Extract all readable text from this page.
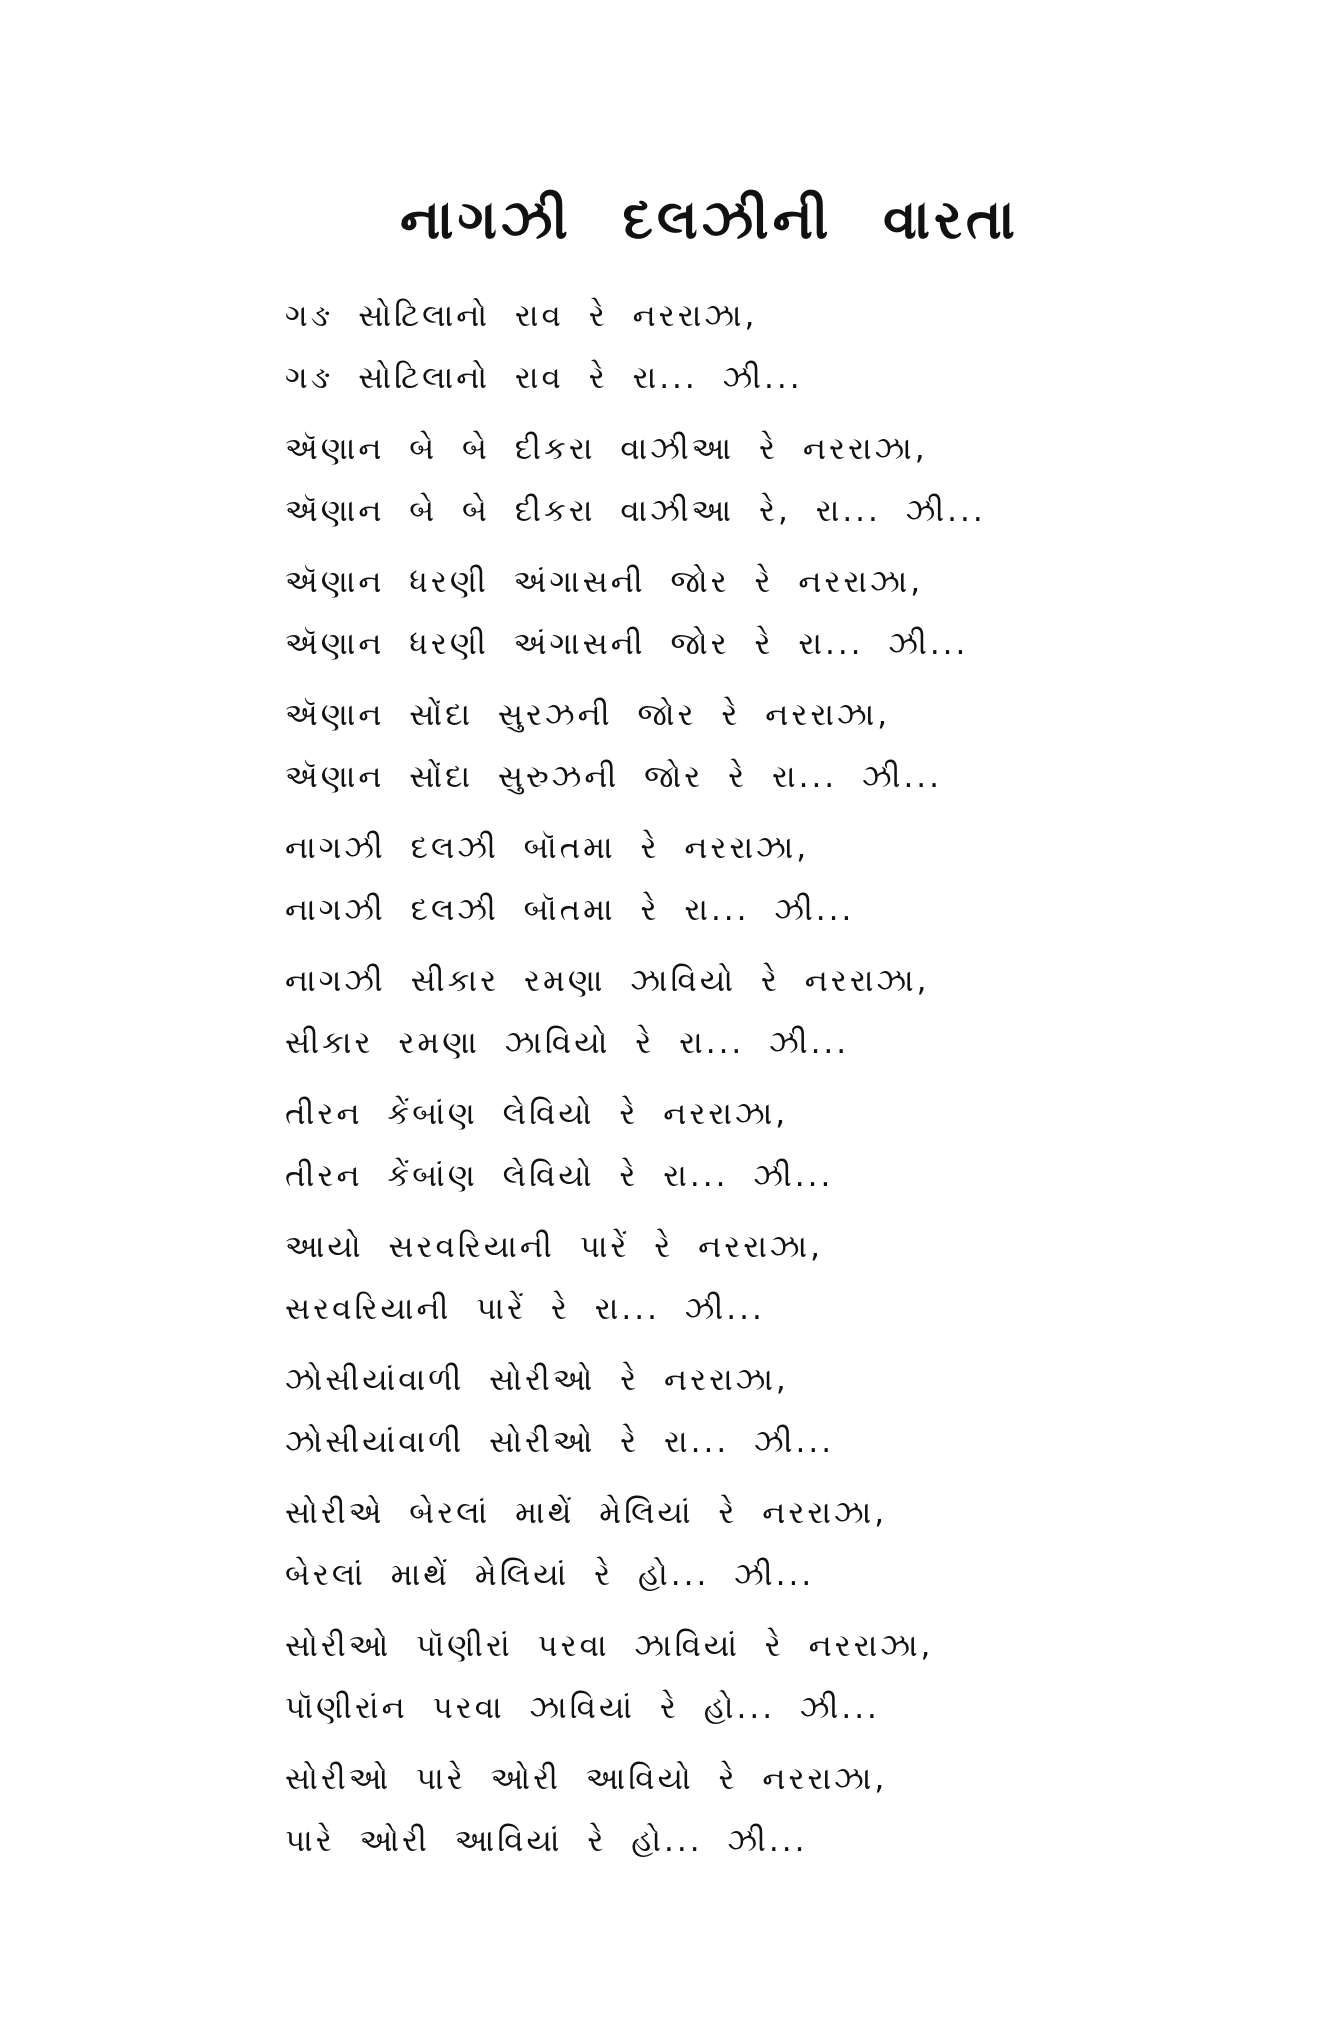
નાગઝી દલઝીની વારતા
ગઙ સોટિલાનો રાવ રે નરરાઝા,
ગઙ સોટિલાનો રાવ રે રા... ઝી...
ઍણાન બે બે દીકરા વાઝીઆ રે નરરાઝા,
ઍણાન બે બે દીકરા વાઝીઆ રે, રા... ઝી...
ઍણાન ધરણી અંગાસની જોર રે નરરાઝા,
ઍણાન ધરણી અંગાસની જોર રે રા... ઝી...
ઍણાન સોંદા સુરઝની જોર રે નરરાઝા,
ઍણાન સોંદા સુરુઝની જોર રે રા... ઝી...
નાગઝી દલઝી બૉતમા રે નરરાઝા,
નાગઝી દલઝી બૉતમા રે રા... ઝી...
નાગઝી સીકાર રમણા ઝાવિયો રે નરરાઝા,
સીકાર રમણા ઝાવિયો રે રા... ઝી...
તીરન કેંબાંણ લેવિયો રે નરરાઝા,
તીરન કેંબાંણ લેવિયો રે રા... ઝી...
આયો સરવરિયાની પારેં રે નરરાઝા,
સરવરિયાની પારેં રે રા... ઝી...
ઝોસીયાંવાળી સોરીઓ રે નરરાઝા,
ઝોસીયાંવાળી સોરીઓ રે રા... ઝી...
સોરીએ બેરલાં માથેં મેલિયાં રે નરરાઝા,
બેરલાં માથેં મેલિયાં રે હો... ઝી...
સોરીઓ પૉણીરાં પરવા ઝાવિયાં રે નરરાઝા,
પૉણીરાંન પરવા ઝાવિયાં રે હો... ઝી...
સોરીઓ પારે ઓરી આવિયો રે નરરાઝા,
પારે ઓરી આવિયાં રે હો... ઝી...
